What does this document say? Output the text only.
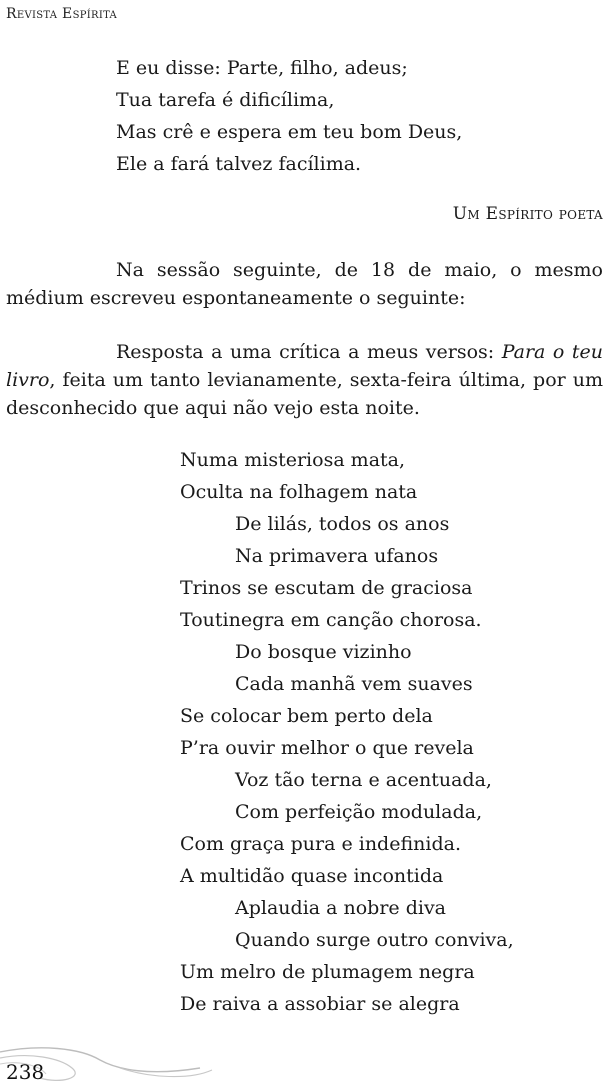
Revista Espírita
E eu disse: Parte, filho, adeus;
Tua tarefa é dificílima,
Mas crê e espera em teu bom Deus,
Ele a fará talvez facílima.
Um Espírito poeta

Na sessão seguinte, de 18 de maio, o mesmo médium escreveu espontaneamente o seguinte:

Resposta a uma crítica a meus versos: Para o teu livro, feita um tanto levianamente, sexta-feira última, por um desconhecido que aqui não vejo esta noite.

Numa misteriosa mata,
Oculta na folhagem nata
De lilás, todos os anos
Na primavera ufanos
Trinos se escutam de graciosa
Toutinegra em canção chorosa.
Do bosque vizinho
Cada manhã vem suaves
Se colocar bem perto dela
P’ra ouvir melhor o que revela
Voz tão terna e acentuada,
Com perfeição modulada,
Com graça pura e indefinida.
A multidão quase incontida
Aplaudia a nobre diva
Quando surge outro conviva,
Um melro de plumagem negra
De raiva a assobiar se alegra
238
